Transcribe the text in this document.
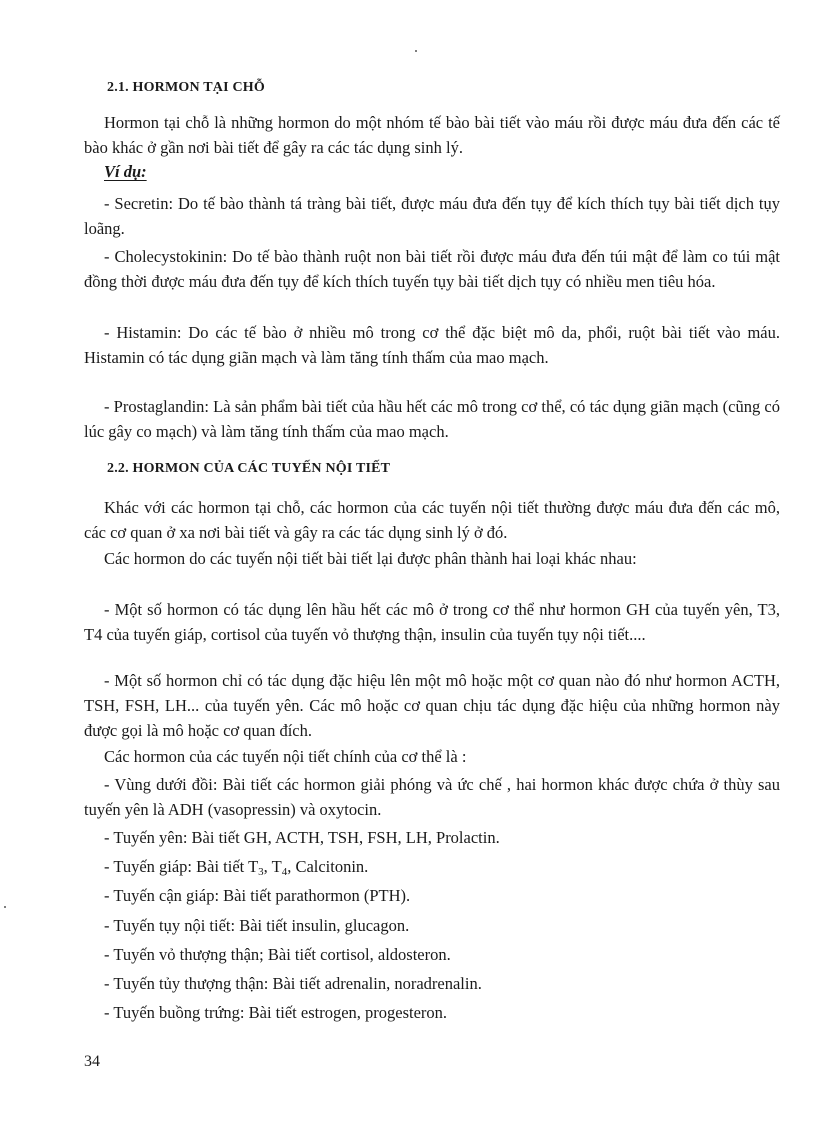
2.1. HORMON TẠI CHỖ

Hormon tại chỗ là những hormon do một nhóm tế bào bài tiết vào máu rồi được máu đưa đến các tế bào khác ở gần nơi bài tiết để gây ra các tác dụng sinh lý.

Ví dụ:

- Secretin: Do tế bào thành tá tràng bài tiết, được máu đưa đến tụy để kích thích tụy bài tiết dịch tụy loãng.

- Cholecystokinin: Do tế bào thành ruột non bài tiết rồi được máu đưa đến túi mật để làm co túi mật đồng thời được máu đưa đến tụy để kích thích tuyến tụy bài tiết dịch tụy có nhiều men tiêu hóa.

- Histamin: Do các tế bào ở nhiều mô trong cơ thể đặc biệt mô da, phổi, ruột bài tiết vào máu. Histamin có tác dụng giãn mạch và làm tăng tính thấm của mao mạch.

- Prostaglandin: Là sản phẩm bài tiết của hầu hết các mô trong cơ thể, có tác dụng giãn mạch (cũng có lúc gây co mạch) và làm tăng tính thấm của mao mạch.

2.2. HORMON CỦA CÁC TUYẾN NỘI TIẾT

Khác với các hormon tại chỗ, các hormon của các tuyến nội tiết thường được máu đưa đến các mô, các cơ quan ở xa nơi bài tiết và gây ra các tác dụng sinh lý ở đó.

Các hormon do các tuyến nội tiết bài tiết lại được phân thành hai loại khác nhau:

- Một số hormon có tác dụng lên hầu hết các mô ở trong cơ thể như hormon GH của tuyến yên, T3, T4 của tuyến giáp, cortisol của tuyến vỏ thượng thận, insulin của tuyến tụy nội tiết....

- Một số hormon chỉ có tác dụng đặc hiệu lên một mô hoặc một cơ quan nào đó như hormon ACTH, TSH, FSH, LH... của tuyến yên. Các mô hoặc cơ quan chịu tác dụng đặc hiệu của những hormon này được gọi là mô hoặc cơ quan đích.

Các hormon của các tuyến nội tiết chính của cơ thể là :

- Vùng dưới đồi: Bài tiết các hormon giải phóng và ức chế , hai hormon khác được chứa ở thùy sau tuyến yên là ADH (vasopressin) và oxytocin.

- Tuyến yên: Bài tiết GH, ACTH, TSH, FSH, LH, Prolactin.
- Tuyến giáp: Bài tiết $T_3$, $T_4$, Calcitonin.
- Tuyến cận giáp: Bài tiết parathormon (PTH).
- Tuyến tụy nội tiết: Bài tiết insulin, glucagon.
- Tuyến vỏ thượng thận; Bài tiết cortisol, aldosteron.
- Tuyến tủy thượng thận: Bài tiết adrenalin, noradrenalin.
- Tuyến buồng trứng: Bài tiết estrogen, progesteron.
34
